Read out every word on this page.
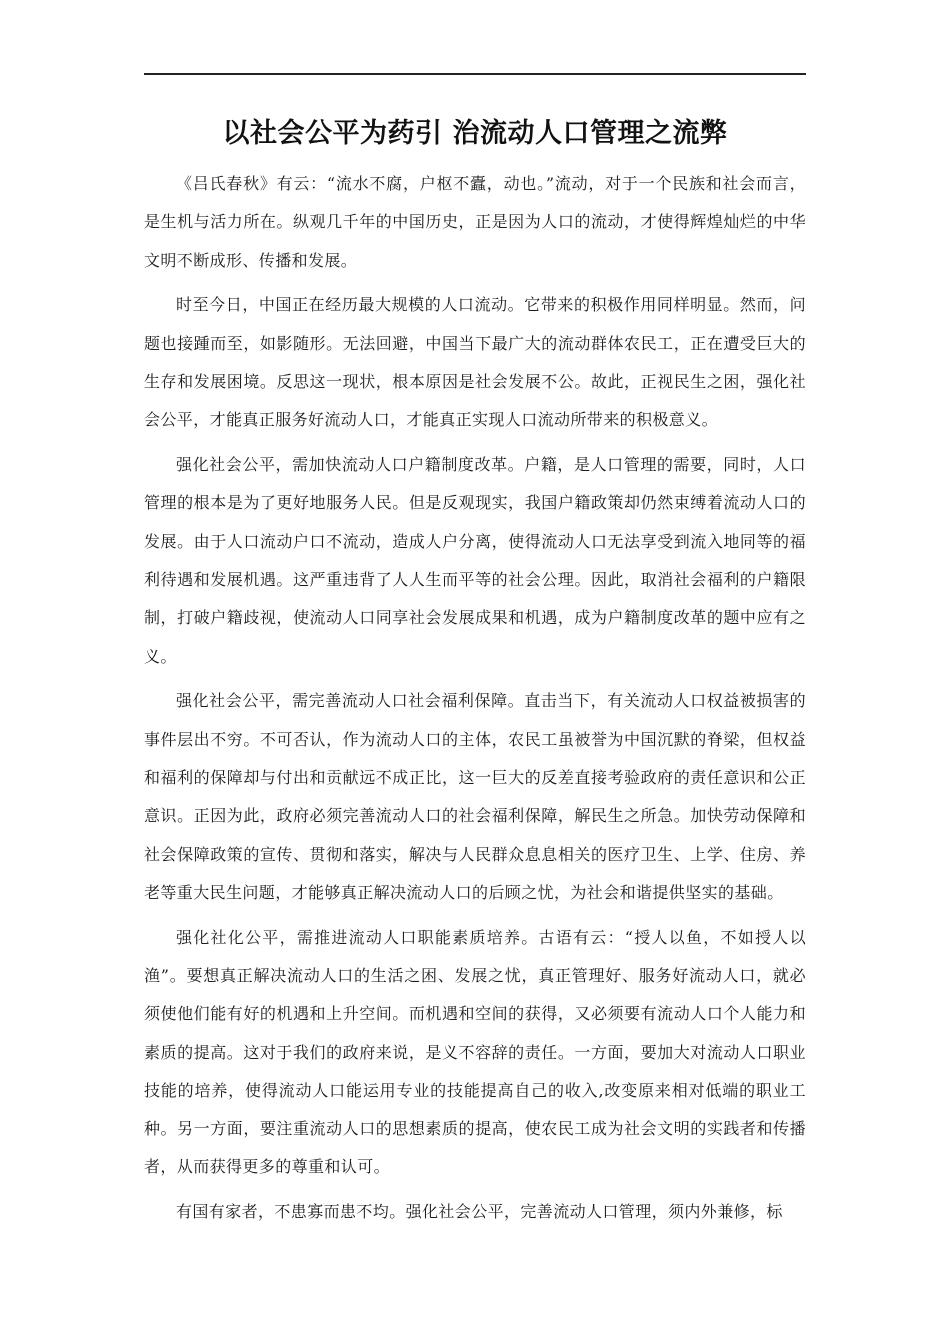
以社会公平为药引 治流动人口管理之流弊

《吕氏春秋》有云：“流水不腐，户枢不蠹，动也。”流动，对于一个民族和社会而言，是生机与活力所在。纵观几千年的中国历史，正是因为人口的流动，才使得辉煌灿烂的中华文明不断成形、传播和发展。

时至今日，中国正在经历最大规模的人口流动。它带来的积极作用同样明显。然而，问题也接踵而至，如影随形。无法回避，中国当下最广大的流动群体农民工，正在遭受巨大的生存和发展困境。反思这一现状，根本原因是社会发展不公。故此，正视民生之困，强化社会公平，才能真正服务好流动人口，才能真正实现人口流动所带来的积极意义。

强化社会公平，需加快流动人口户籍制度改革。户籍，是人口管理的需要，同时，人口管理的根本是为了更好地服务人民。但是反观现实，我国户籍政策却仍然束缚着流动人口的发展。由于人口流动户口不流动，造成人户分离，使得流动人口无法享受到流入地同等的福利待遇和发展机遇。这严重违背了人人生而平等的社会公理。因此，取消社会福利的户籍限制，打破户籍歧视，使流动人口同享社会发展成果和机遇，成为户籍制度改革的题中应有之义。

强化社会公平，需完善流动人口社会福利保障。直击当下，有关流动人口权益被损害的事件层出不穷。不可否认，作为流动人口的主体，农民工虽被誉为中国沉默的脊梁，但权益和福利的保障却与付出和贡献远不成正比，这一巨大的反差直接考验政府的责任意识和公正意识。正因为此，政府必须完善流动人口的社会福利保障，解民生之所急。加快劳动保障和社会保障政策的宣传、贯彻和落实，解决与人民群众息息相关的医疗卫生、上学、住房、养老等重大民生问题，才能够真正解决流动人口的后顾之忧，为社会和谐提供坚实的基础。

强化社化公平，需推进流动人口职能素质培养。古语有云：“授人以鱼，不如授人以渔”。要想真正解决流动人口的生活之困、发展之忧，真正管理好、服务好流动人口，就必须使他们能有好的机遇和上升空间。而机遇和空间的获得，又必须要有流动人口个人能力和素质的提高。这对于我们的政府来说，是义不容辞的责任。一方面，要加大对流动人口职业技能的培养，使得流动人口能运用专业的技能提高自己的收入,改变原来相对低端的职业工种。另一方面，要注重流动人口的思想素质的提高，使农民工成为社会文明的实践者和传播者，从而获得更多的尊重和认可。

有国有家者，不患寡而患不均。强化社会公平，完善流动人口管理，须内外兼修，标
